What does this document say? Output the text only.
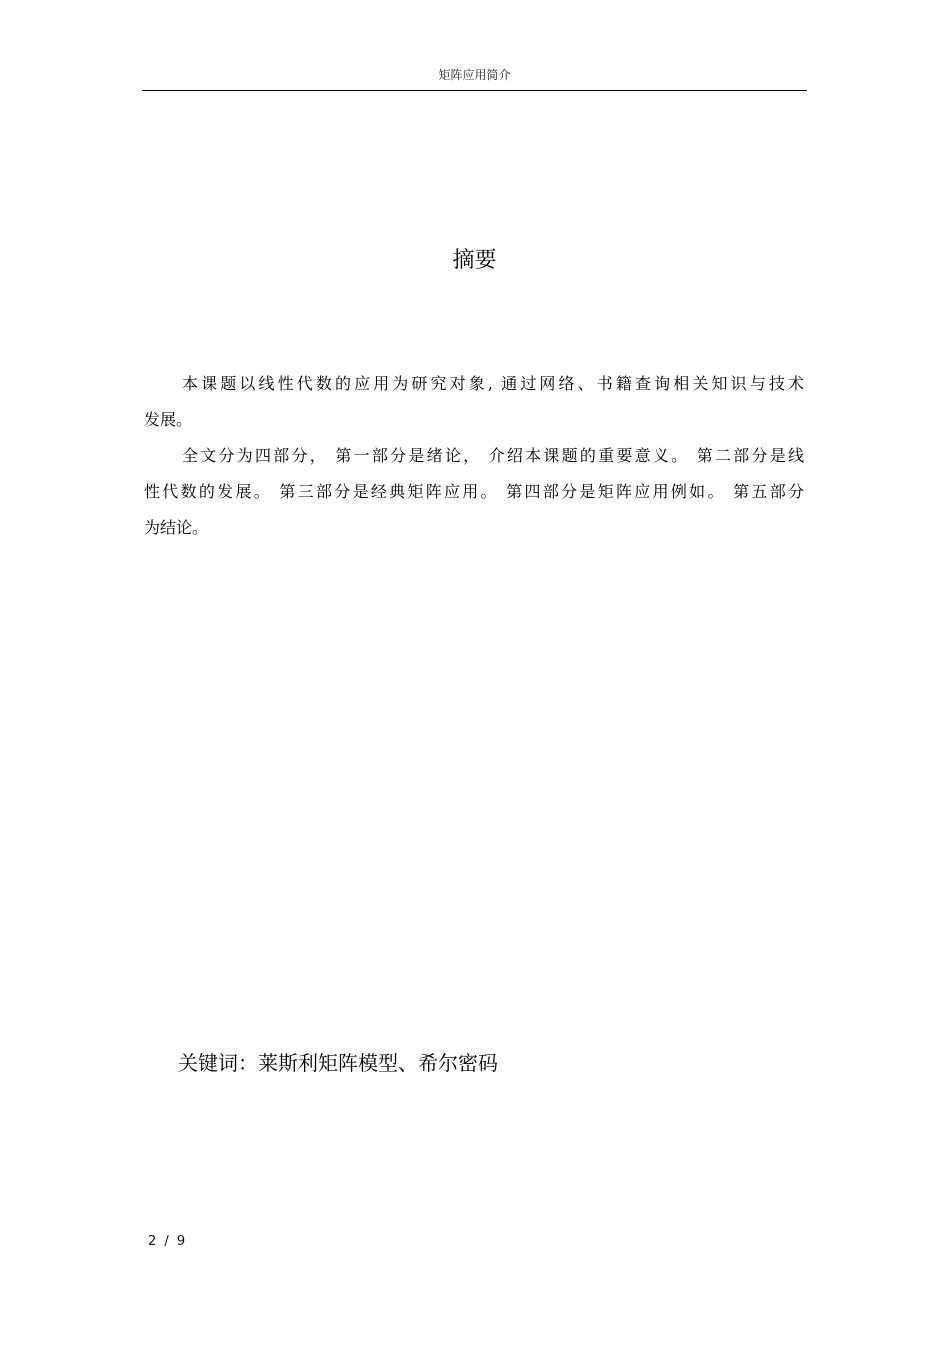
矩阵应用简介
摘要

本课题以线性代数的应用为研究对象, 通过网络、书籍查询相关知识与技术
发展。

全文分为四部分， 第一部分是绪论， 介绍本课题的重要意义。 第二部分是线
性代数的发展。 第三部分是经典矩阵应用。 第四部分是矩阵应用例如。 第五部分
为结论。

关键词：莱斯利矩阵模型、希尔密码
2 / 9
